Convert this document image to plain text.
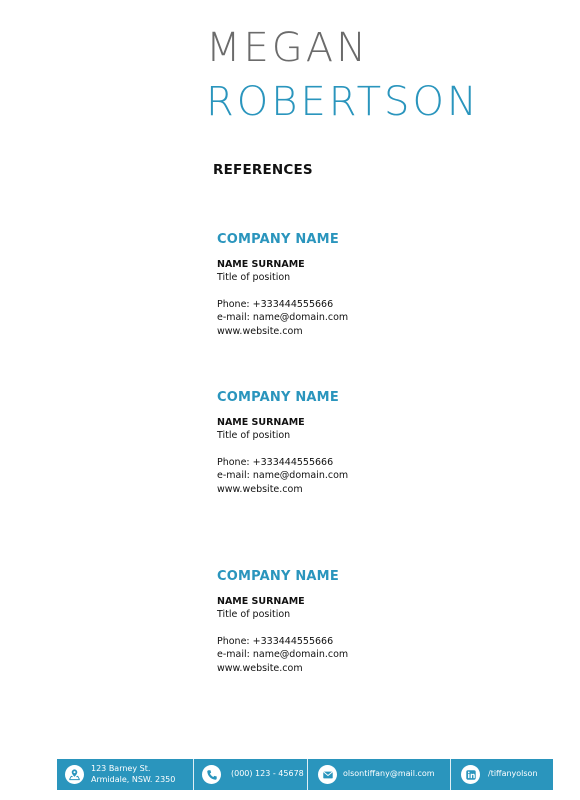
MEGAN
ROBERTSON
REFERENCES
COMPANY NAME
NAME SURNAME
Title of position
Phone: +333444555666
e-mail: name@domain.com
www.website.com
COMPANY NAME
NAME SURNAME
Title of position
Phone: +333444555666
e-mail: name@domain.com
www.website.com
COMPANY NAME
NAME SURNAME
Title of position
Phone: +333444555666
e-mail: name@domain.com
www.website.com
123 Barney St.
Armidale, NSW. 2350
(000) 123 - 45678	olsontiffany@mail.com	/tiffanyolson
